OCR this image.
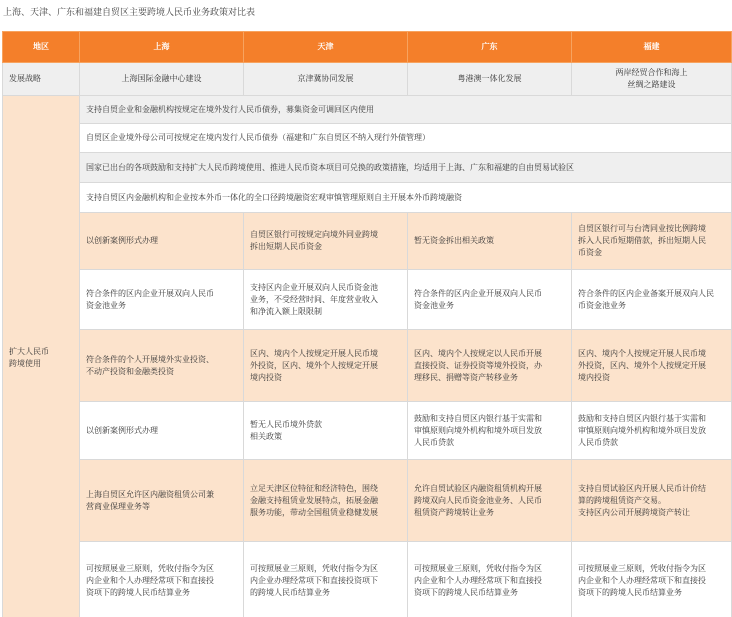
上海、天津、广东和福建自贸区主要跨境人民币业务政策对比表
地区	上海	天津	广东	福建

发展战略	上海国际金融中心建设	京津冀协同发展	粤港澳一体化发展	两岸经贸合作和海上
丝绸之路建设

扩大人民币
跨境使用	支持自贸企业和金融机构按规定在境外发行人民币债券，募集资金可调回区内使用			

	自贸区企业境外母公司可按规定在境内发行人民币债券（福建和广东自贸区不纳入现行外债管理）			

	国家已出台的各项鼓励和支持扩大人民币跨境使用、推进人民币资本项目可兑换的政策措施，均适用于上海、广东和福建的自由贸易试验区			

	支持自贸区内金融机构和企业按本外币一体化的全口径跨境融资宏观审慎管理原则自主开展本外币跨境融资			

	以创新案例形式办理	自贸区银行可按规定向境外同业跨境
拆出短期人民币资金	暂无资金拆出相关政策	自贸区银行可与台湾同业按比例跨境
拆入人民币短期借款，拆出短期人民
币资金

	符合条件的区内企业开展双向人民币
资金池业务	支持区内企业开展双向人民币资金池
业务，不受经营时间、年度营业收入
和净流入额上限限制	符合条件的区内企业开展双向人民币
资金池业务	符合条件的区内企业备案开展双向人民
币资金池业务

	符合条件的个人开展境外实业投资、
不动产投资和金融类投资	区内、境内个人按规定开展人民币境
外投资，区内、境外个人按规定开展
境内投资	区内、境内个人按规定以人民币开展
直接投资、证券投资等境外投资，办
理移民、捐赠等资产转移业务	区内、境内个人按规定开展人民币境
外投资，区内、境外个人按规定开展
境内投资

	以创新案例形式办理	暂无人民币境外贷款
相关政策	鼓励和支持自贸区内银行基于实需和
审慎原则向境外机构和境外项目发放
人民币贷款	鼓励和支持自贸区内银行基于实需和
审慎原则向境外机构和境外项目发放
人民币贷款

	上海自贸区允许区内融资租赁公司兼
营商业保理业务等	立足天津区位特征和经济特色，围绕
金融支持租赁业发展特点，拓展金融
服务功能，带动全国租赁业稳健发展	允许自贸试验区内融资租赁机构开展
跨境双向人民币资金池业务、人民币
租赁资产跨境转让业务	支持自贸试验区内开展人民币计价结
算的跨境租赁资产交易。
支持区内公司开展跨境资产转让

	可按照展业三原则，凭收付指令为区
内企业和个人办理经常项下和直接投
资项下的跨境人民币结算业务	可按照展业三原则，凭收付指令为区
内企业办理经常项下和直接投资项下
的跨境人民币结算业务	可按照展业三原则，凭收付指令为区
内企业和个人办理经常项下和直接投
资项下的跨境人民币结算业务	可按照展业三原则，凭收付指令为区
内企业和个人办理经常项下和直接投
资项下的跨境人民币结算业务
